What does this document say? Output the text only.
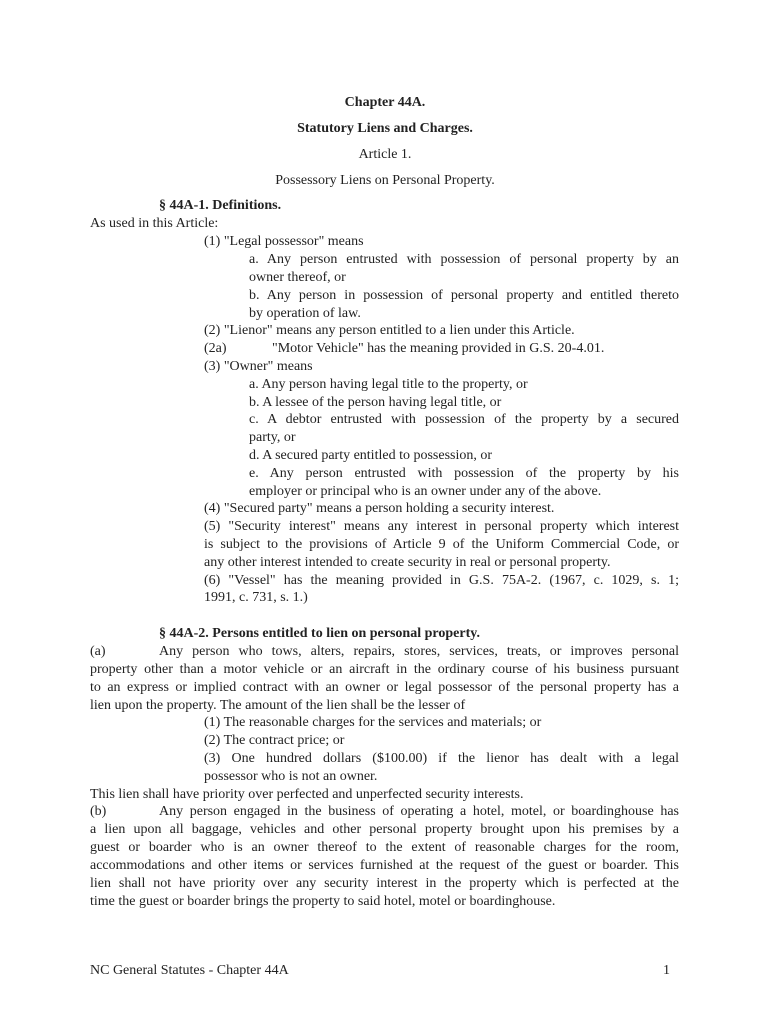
Chapter 44A.
Statutory Liens and Charges.
Article 1.
Possessory Liens on Personal Property.
§ 44A-1. Definitions.
As used in this Article:
(1) "Legal possessor" means
a. Any person entrusted with possession of personal property by an
owner thereof, or
b. Any person in possession of personal property and entitled thereto
by operation of law.
(2) "Lienor" means any person entitled to a lien under this Article.
(2a)	"Motor Vehicle" has the meaning provided in G.S. 20-4.01.
(3) "Owner" means
a. Any person having legal title to the property, or
b. A lessee of the person having legal title, or
c. A debtor entrusted with possession of the property by a secured
party, or
d. A secured party entitled to possession, or
e. Any person entrusted with possession of the property by his
employer or principal who is an owner under any of the above.
(4) "Secured party" means a person holding a security interest.
(5) "Security interest" means any interest in personal property which interest
is subject to the provisions of Article 9 of the Uniform Commercial Code, or
any other interest intended to create security in real or personal property.
(6) "Vessel" has the meaning provided in G.S. 75A-2. (1967, c. 1029, s. 1;
1991, c. 731, s. 1.)
§ 44A-2. Persons entitled to lien on personal property.
(a)	Any person who tows, alters, repairs, stores, services, treats, or improves personal
property other than a motor vehicle or an aircraft in the ordinary course of his business pursuant
to an express or implied contract with an owner or legal possessor of the personal property has a
lien upon the property. The amount of the lien shall be the lesser of
(1) The reasonable charges for the services and materials; or
(2) The contract price; or
(3) One hundred dollars ($100.00) if the lienor has dealt with a legal
possessor who is not an owner.
This lien shall have priority over perfected and unperfected security interests.
(b)	Any person engaged in the business of operating a hotel, motel, or boardinghouse has
a lien upon all baggage, vehicles and other personal property brought upon his premises by a
guest or boarder who is an owner thereof to the extent of reasonable charges for the room,
accommodations and other items or services furnished at the request of the guest or boarder. This
lien shall not have priority over any security interest in the property which is perfected at the
time the guest or boarder brings the property to said hotel, motel or boardinghouse.
NC General Statutes - Chapter 44A	1
